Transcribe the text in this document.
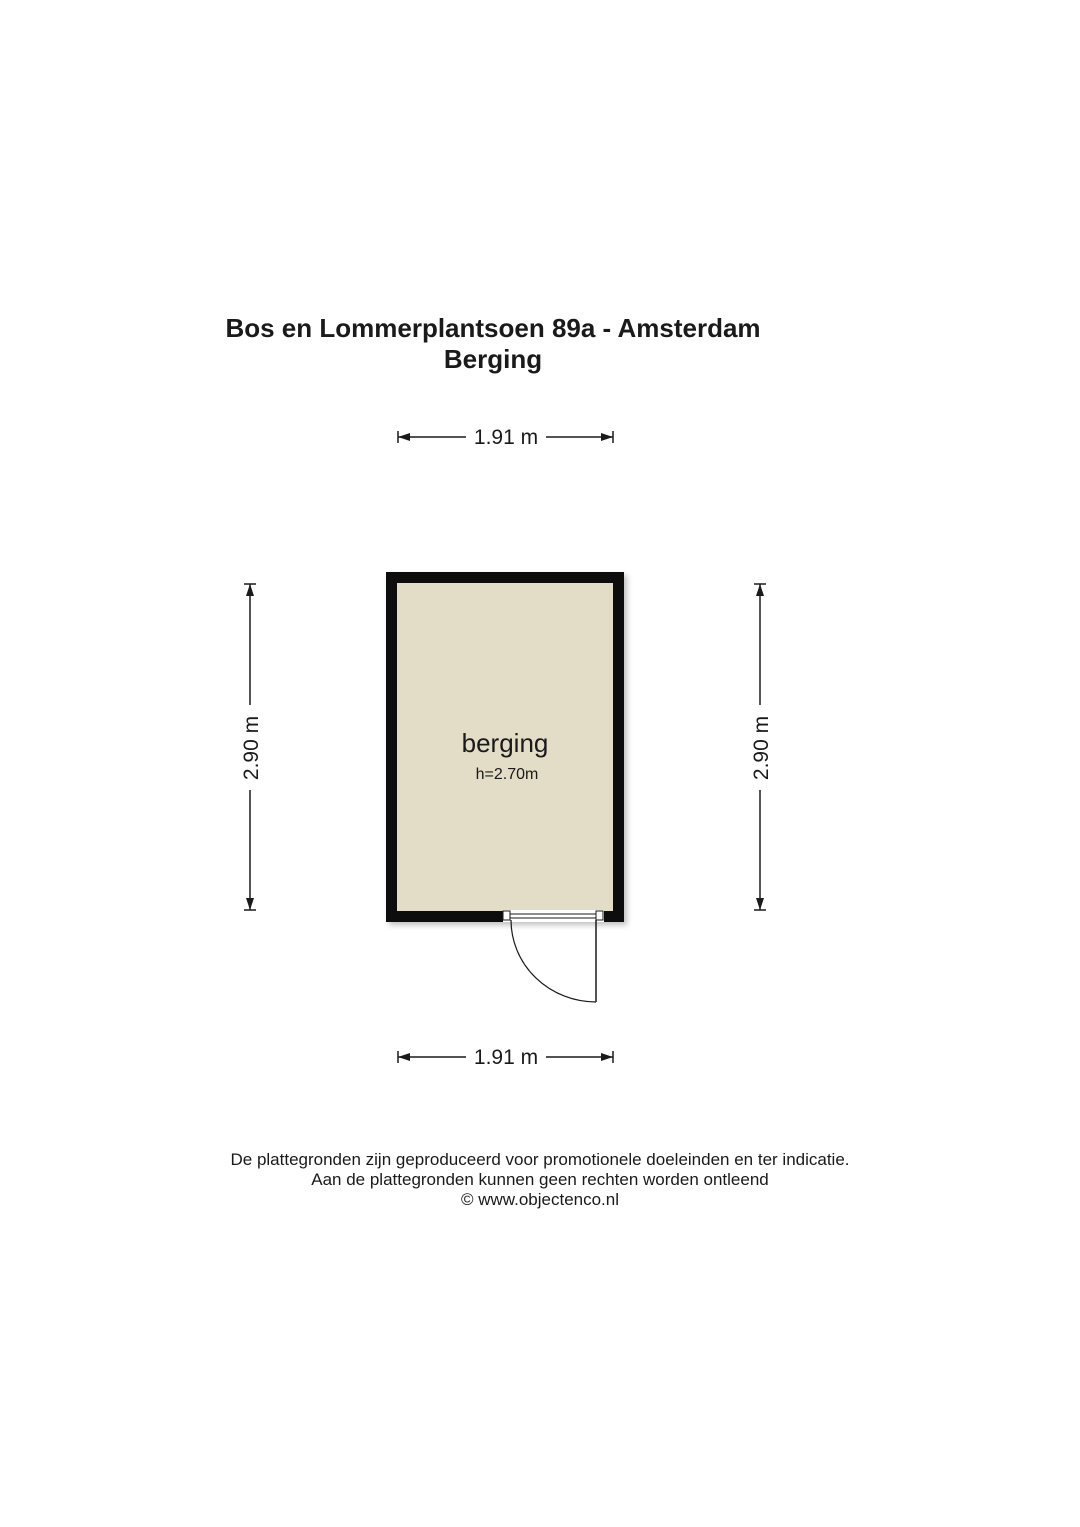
Bos en Lommerplantsoen 89a - Amsterdam
Berging
1.91 m
2.90 m	2.90 m
berging
h=2.70m
1.91 m
De plattegronden zijn geproduceerd voor promotionele doeleinden en ter indicatie.
Aan de plattegronden kunnen geen rechten worden ontleend
© www.objectenco.nl
